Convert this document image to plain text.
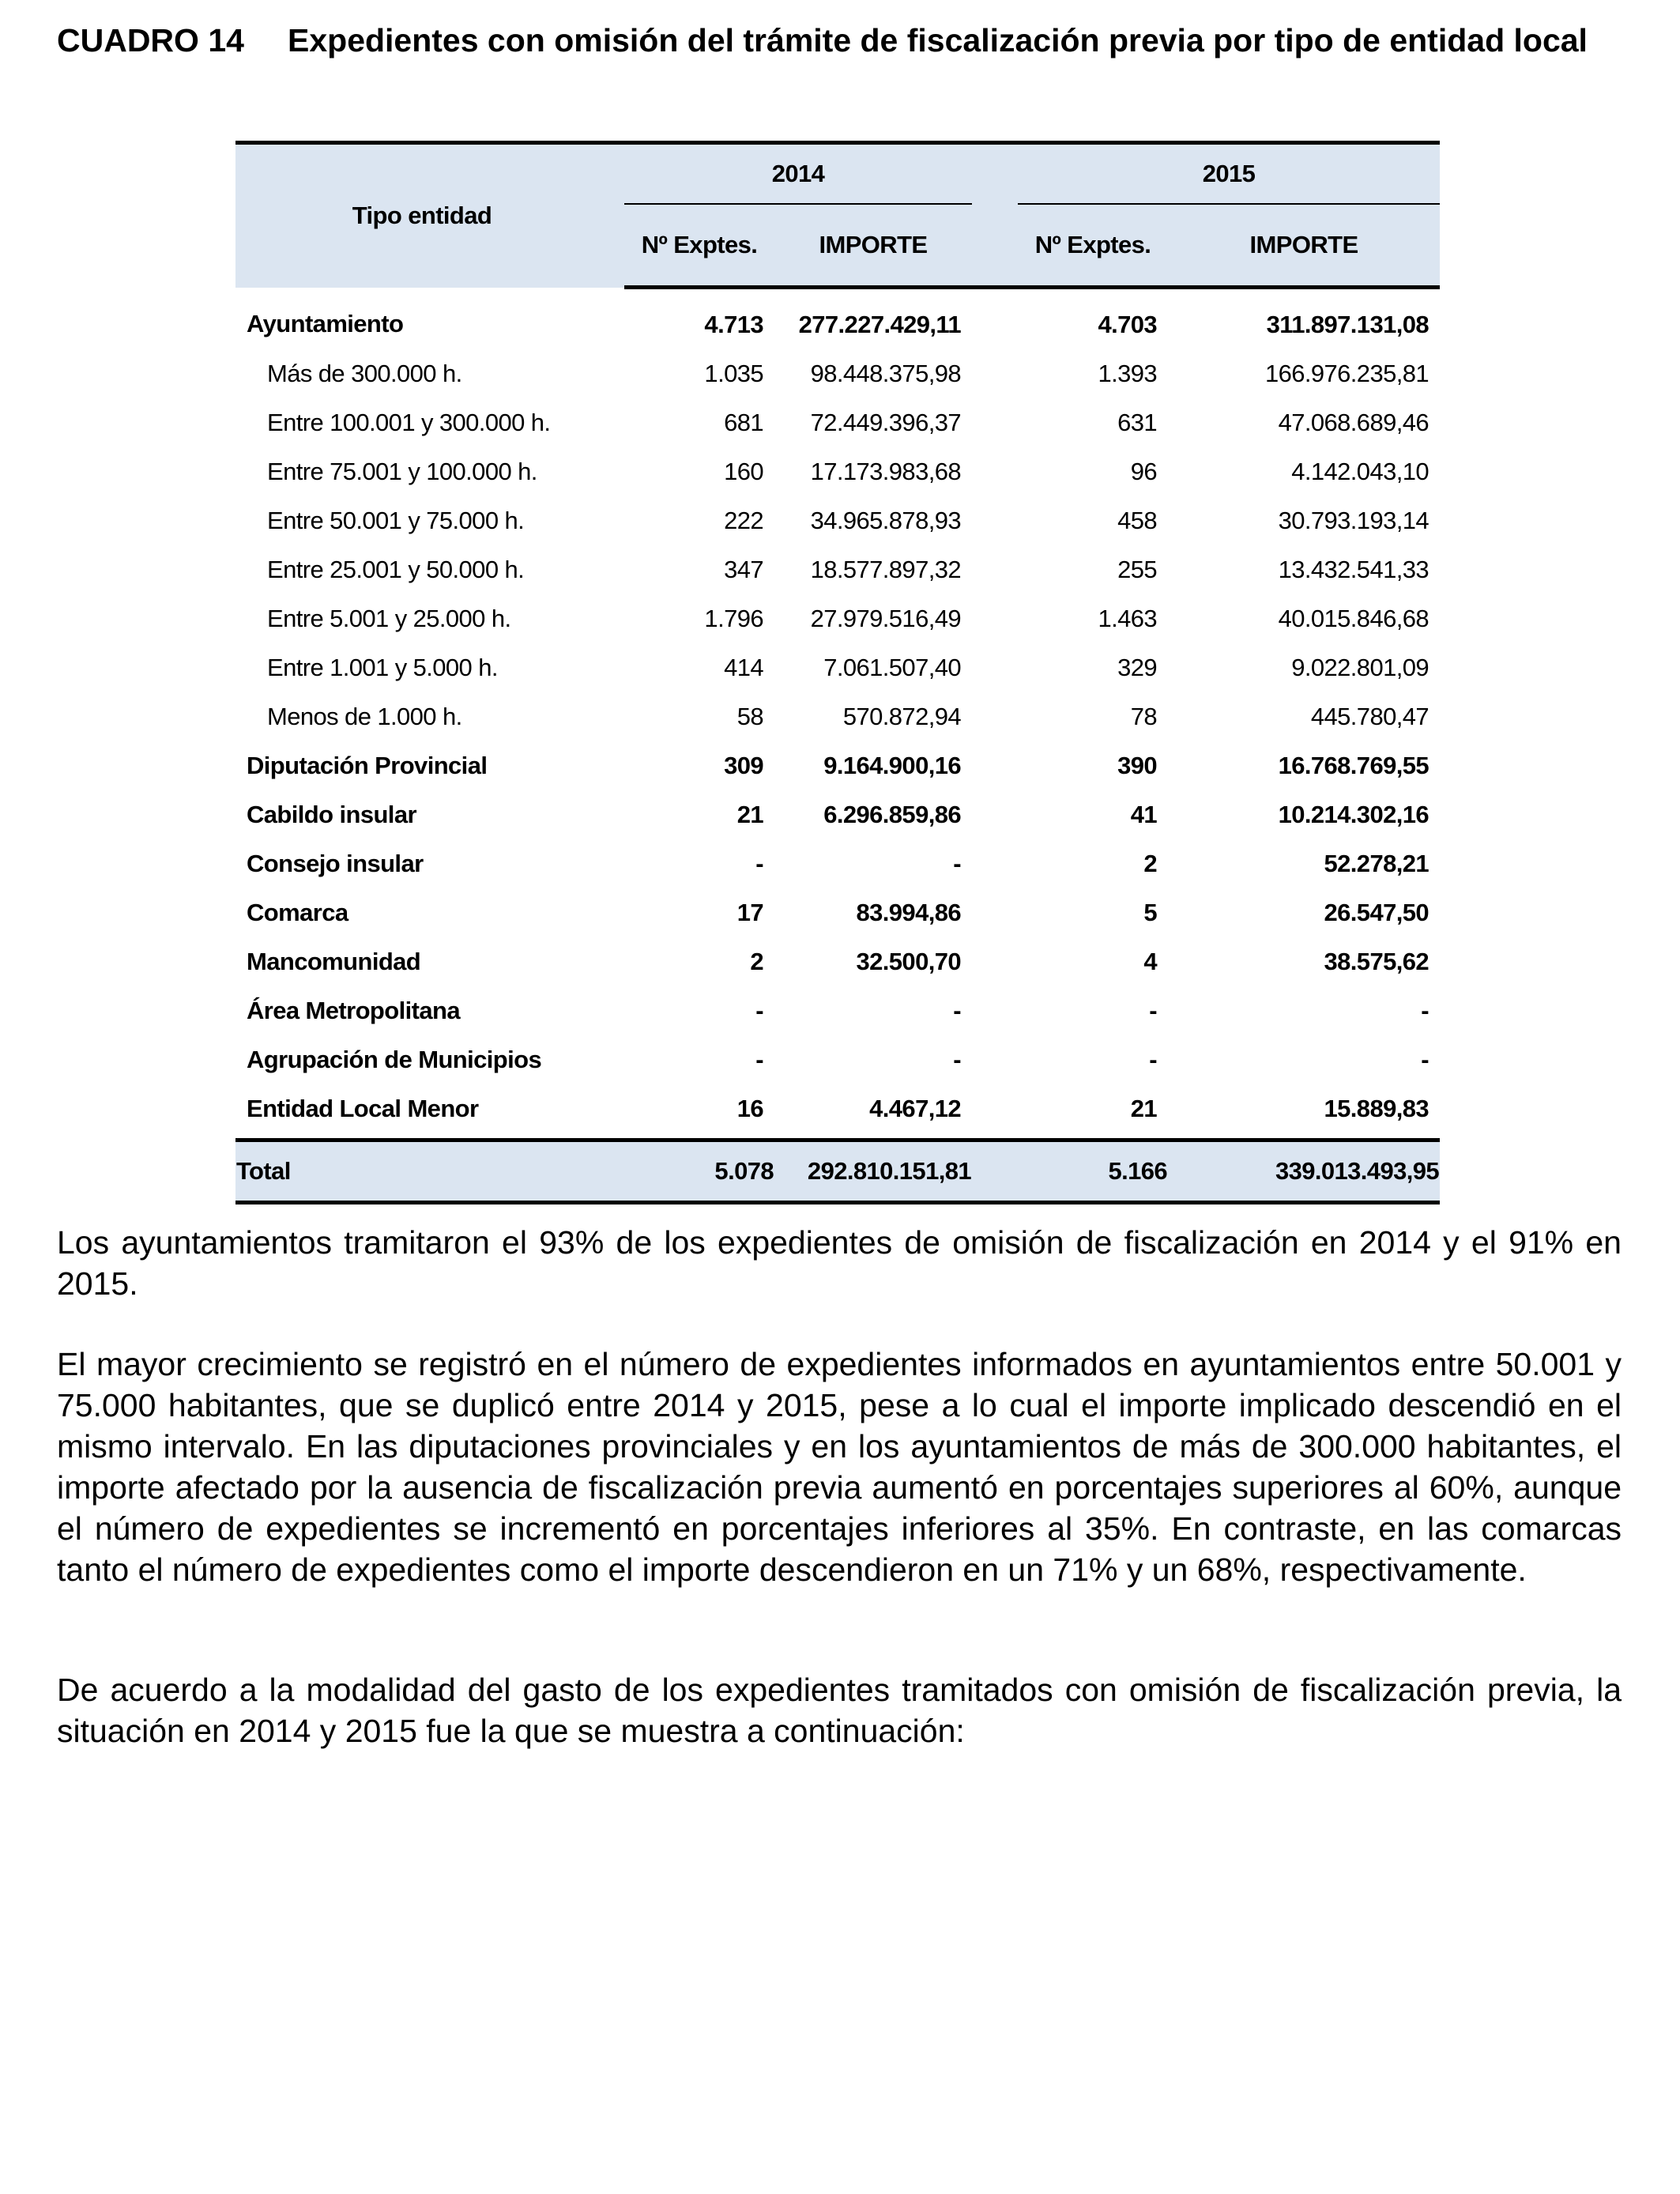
CUADRO 14 Expedientes con omisión del trámite de fiscalización previa por tipo de entidad local
Tipo entidad	2014			2015	
	Nº Exptes.	IMPORTE		Nº Exptes.	IMPORTE
Ayuntamiento	4.713	277.227.429,11		4.703	311.897.131,08
Más de 300.000 h.	1.035	98.448.375,98		1.393	166.976.235,81
Entre 100.001 y 300.000 h.	681	72.449.396,37		631	47.068.689,46
Entre 75.001 y 100.000 h.	160	17.173.983,68		96	4.142.043,10
Entre 50.001 y 75.000 h.	222	34.965.878,93		458	30.793.193,14
Entre 25.001 y 50.000 h.	347	18.577.897,32		255	13.432.541,33
Entre 5.001 y 25.000 h.	1.796	27.979.516,49		1.463	40.015.846,68
Entre 1.001 y 5.000 h.	414	7.061.507,40		329	9.022.801,09
Menos de 1.000 h.	58	570.872,94		78	445.780,47
Diputación Provincial	309	9.164.900,16		390	16.768.769,55
Cabildo insular	21	6.296.859,86		41	10.214.302,16
Consejo insular	-	-		2	52.278,21
Comarca	17	83.994,86		5	26.547,50
Mancomunidad	2	32.500,70		4	38.575,62
Área Metropolitana	-	-		-	-
Agrupación de Municipios	-	-		-	-
Entidad Local Menor	16	4.467,12		21	15.889,83
Total	5.078	292.810.151,81		5.166	339.013.493,95

Los ayuntamientos tramitaron el 93% de los expedientes de omisión de fiscalización en 2014 y el 91% en 2015.

El mayor crecimiento se registró en el número de expedientes informados en ayuntamientos entre 50.001 y 75.000 habitantes, que se duplicó entre 2014 y 2015, pese a lo cual el importe implicado descendió en el mismo intervalo. En las diputaciones provinciales y en los ayuntamientos de más de 300.000 habitantes, el importe afectado por la ausencia de fiscalización previa aumentó en porcentajes superiores al 60%, aunque el número de expedientes se incrementó en porcentajes inferiores al 35%. En contraste, en las comarcas tanto el número de expedientes como el importe descendieron en un 71% y un 68%, respectivamente.

De acuerdo a la modalidad del gasto de los expedientes tramitados con omisión de fiscalización previa, la situación en 2014 y 2015 fue la que se muestra a continuación:
